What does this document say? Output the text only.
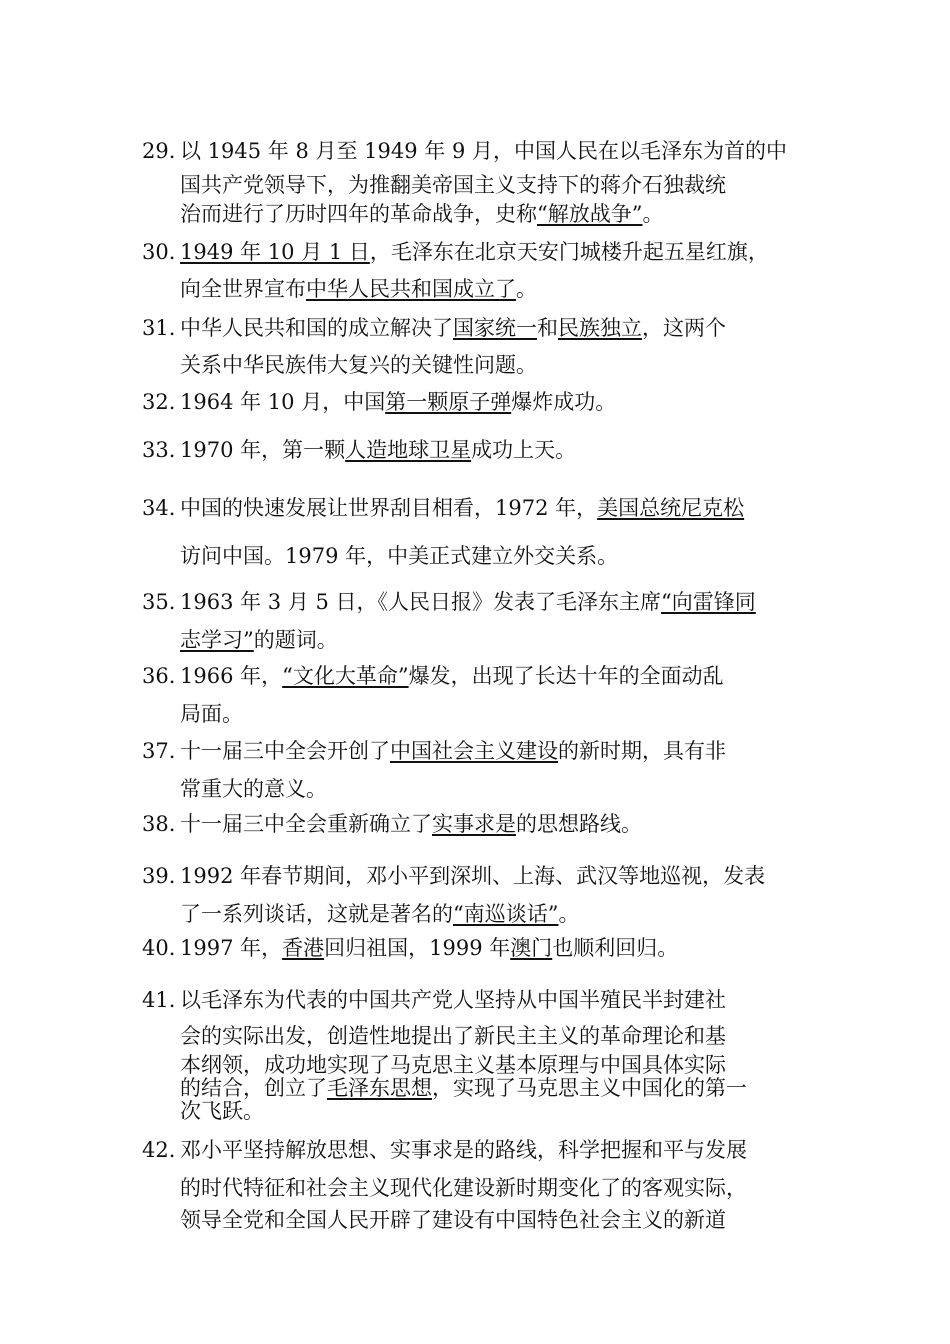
29. 以 1945 年 8 月至 1949 年 9 月，中国人民在以毛泽东为首的中
国共产党领导下，为推翻美帝国主义支持下的蒋介石独裁统
治而进行了历时四年的革命战争，史称“解放战争”。
30. 1949 年 10 月 1 日，毛泽东在北京天安门城楼升起五星红旗，
向全世界宣布中华人民共和国成立了。
31. 中华人民共和国的成立解决了国家统一和民族独立，这两个
关系中华民族伟大复兴的关键性问题。
32. 1964 年 10 月，中国第一颗原子弹爆炸成功。
33. 1970 年，第一颗人造地球卫星成功上天。
34. 中国的快速发展让世界刮目相看，1972 年，美国总统尼克松
访问中国。1979 年，中美正式建立外交关系。
35. 1963 年 3 月 5 日，《人民日报》发表了毛泽东主席“向雷锋同
志学习”的题词。
36. 1966 年，“文化大革命”爆发，出现了长达十年的全面动乱
局面。
37. 十一届三中全会开创了中国社会主义建设的新时期，具有非
常重大的意义。
38. 十一届三中全会重新确立了实事求是的思想路线。
39. 1992 年春节期间，邓小平到深圳、上海、武汉等地巡视，发表
了一系列谈话，这就是著名的“南巡谈话”。
40. 1997 年，香港回归祖国，1999 年澳门也顺利回归。
41. 以毛泽东为代表的中国共产党人坚持从中国半殖民半封建社
会的实际出发，创造性地提出了新民主主义的革命理论和基
本纲领，成功地实现了马克思主义基本原理与中国具体实际
的结合，创立了毛泽东思想，实现了马克思主义中国化的第一
次飞跃。
42. 邓小平坚持解放思想、实事求是的路线，科学把握和平与发展
的时代特征和社会主义现代化建设新时期变化了的客观实际，
领导全党和全国人民开辟了建设有中国特色社会主义的新道
